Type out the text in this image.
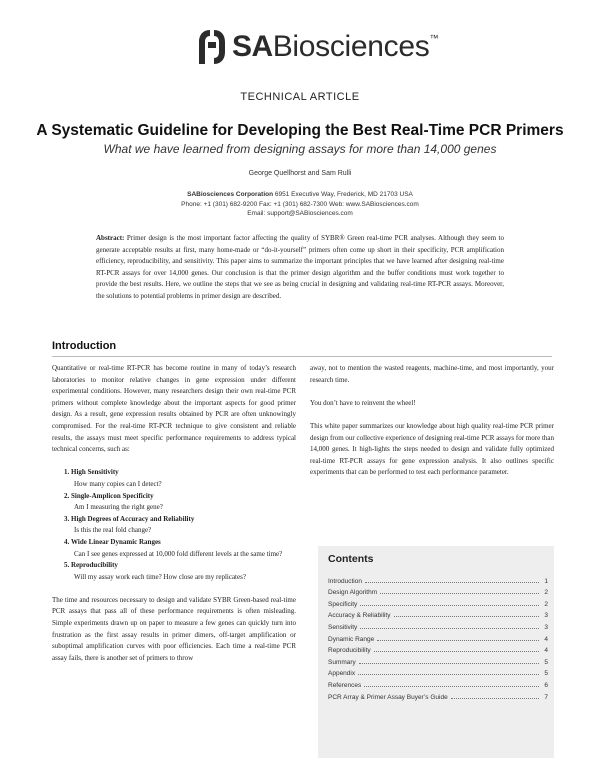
SABiosciences™
TECHNICAL ARTICLE
A Systematic Guideline for Developing the Best Real-Time PCR Primers
What we have learned from designing assays for more than 14,000 genes
George Quellhorst and Sam Rulli
SABiosciences Corporation 6951 Executive Way, Frederick, MD 21703 USA
Phone: +1 (301) 682-9200 Fax: +1 (301) 682-7300 Web: www.SABiosciences.com
Email: support@SABiosciences.com
Abstract: Primer design is the most important factor affecting the quality of SYBR® Green real-time PCR analyses. Although they seem to generate acceptable results at first, many home-made or “do-it-yourself” primers often come up short in their specificity, PCR amplification efficiency, reproducibility, and sensitivity. This paper aims to summarize the important principles that we have learned after designing real-time RT-PCR assays for over 14,000 genes. Our conclusion is that the primer design algorithm and the buffer conditions must work together to provide the best results. Here, we outline the steps that we see as being crucial in designing and validating real-time RT-PCR assays. Moreover, the solutions to potential problems in primer design are described.
Introduction

Quantitative or real-time RT-PCR has become routine in many of today’s research laboratories to monitor relative changes in gene expression under different experimental conditions. However, many researchers design their own real-time PCR primers without complete knowledge about the important aspects for good primer design. As a result, gene expression results obtained by PCR are often unknowingly compromised. For the real-time RT-PCR technique to give consistent and reliable results, the assays must meet specific performance requirements to address typical technical concerns, such as:

1. High Sensitivity
How many copies can I detect?
2. Single-Amplicon Specificity
Am I measuring the right gene?
3. High Degrees of Accuracy and Reliability
Is this the real fold change?
4. Wide Linear Dynamic Ranges
Can I see genes expressed at 10,000 fold different levels at the same time?
5. Reproducibility
Will my assay work each time? How close are my replicates?

The time and resources necessary to design and validate SYBR Green-based real-time PCR assays that pass all of these performance requirements is often misleading. Simple experiments drawn up on paper to measure a few genes can quickly turn into frustration as the first assay results in primer dimers, off-target amplification or suboptimal amplification curves with poor efficiencies. Each time a real-time PCR assay fails, there is another set of primers to throw

away, not to mention the wasted reagents, machine-time, and most importantly, your research time.

You don’t have to reinvent the wheel!

This white paper summarizes our knowledge about high quality real-time PCR primer design from our collective experience of designing real-time PCR assays for more than 14,000 genes. It high-lights the steps needed to design and validate fully optimized real-time RT-PCR assays for gene expression analysis. It also outlines specific experiments that can be performed to test each performance parameter.

Contents
Introduction	1
Design Algorithm	2
Specificity	2
Accuracy & Reliability	3
Sensitivity	3
Dynamic Range	4
Reproducibility	4
Summary	5
Appendix	5
References	6
PCR Array & Primer Assay Buyer’s Guide	7
